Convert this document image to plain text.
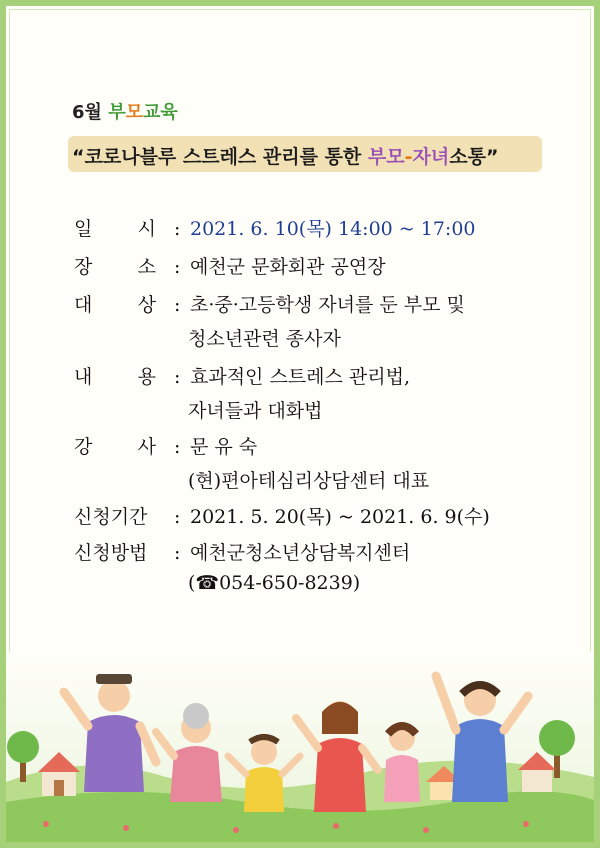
6월 부모교육
“코로나블루 스트레스 관리를 통한 부모-자녀소통”
일 시 : 2021. 6. 10(목) 14:00 ~ 17:00
장 소 : 예천군 문화회관 공연장
대 상 : 초·중·고등학생 자녀를 둔 부모 및
청소년관련 종사자
내 용 : 효과적인 스트레스 관리법,
자녀들과 대화법
강 사 : 문 유 숙
(현)편아테심리상담센터 대표
신청기간 : 2021. 5. 20(목) ~ 2021. 6. 9(수)
신청방법 : 예천군청소년상담복지센터
(☎054-650-8239)
